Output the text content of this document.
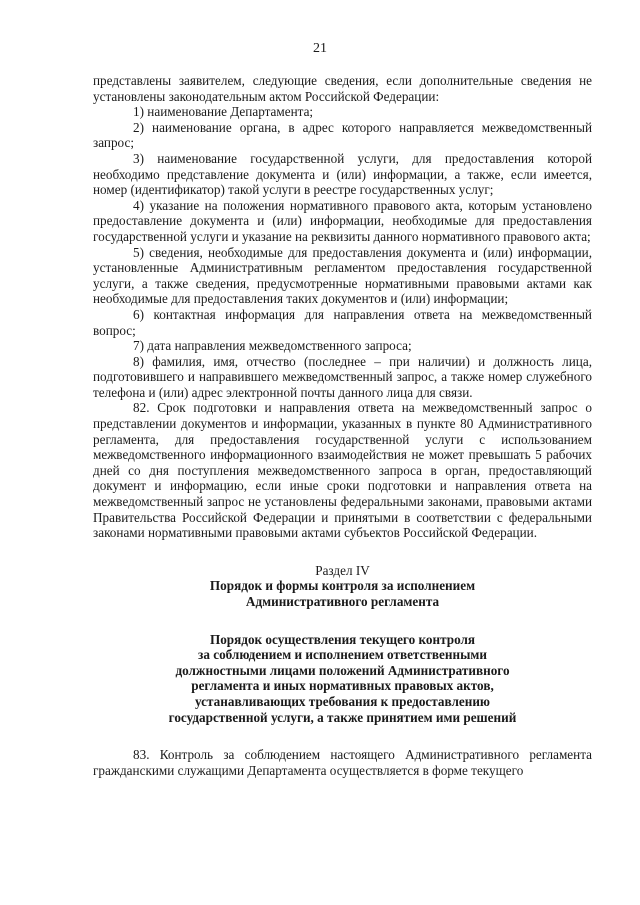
21

представлены заявителем, следующие сведения, если дополнительные сведения не установлены законодательным актом Российской Федерации:

1) наименование Департамента;

2) наименование органа, в адрес которого направляется межведомственный запрос;

3) наименование государственной услуги, для предоставления которой необходимо представление документа и (или) информации, а также, если имеется, номер (идентификатор) такой услуги в реестре государственных услуг;

4) указание на положения нормативного правового акта, которым установлено предоставление документа и (или) информации, необходимые для предоставления государственной услуги и указание на реквизиты данного нормативного правового акта;

5) сведения, необходимые для предоставления документа и (или) информации, установленные Административным регламентом предоставления государственной услуги, а также сведения, предусмотренные нормативными правовыми актами как необходимые для предоставления таких документов и (или) информации;

6) контактная информация для направления ответа на межведомственный вопрос;

7) дата направления межведомственного запроса;

8) фамилия, имя, отчество (последнее – при наличии) и должность лица, подготовившего и направившего межведомственный запрос, а также номер служебного телефона и (или) адрес электронной почты данного лица для связи.

82. Срок подготовки и направления ответа на межведомственный запрос о представлении документов и информации, указанных в пункте 80 Административного регламента, для предоставления государственной услуги с использованием межведомственного информационного взаимодействия не может превышать 5 рабочих дней со дня поступления межведомственного запроса в орган, предоставляющий документ и информацию, если иные сроки подготовки и направления ответа на межведомственный запрос не установлены федеральными законами, правовыми актами Правительства Российской Федерации и принятыми в соответствии с федеральными законами нормативными правовыми актами субъектов Российской Федерации.

Раздел IV

Порядок и формы контроля за исполнением

Административного регламента

Порядок осуществления текущего контроля

за соблюдением и исполнением ответственными

должностными лицами положений Административного

регламента и иных нормативных правовых актов,

устанавливающих требования к предоставлению

государственной услуги, а также принятием ими решений

83. Контроль за соблюдением настоящего Административного регламента гражданскими служащими Департамента осуществляется в форме текущего
